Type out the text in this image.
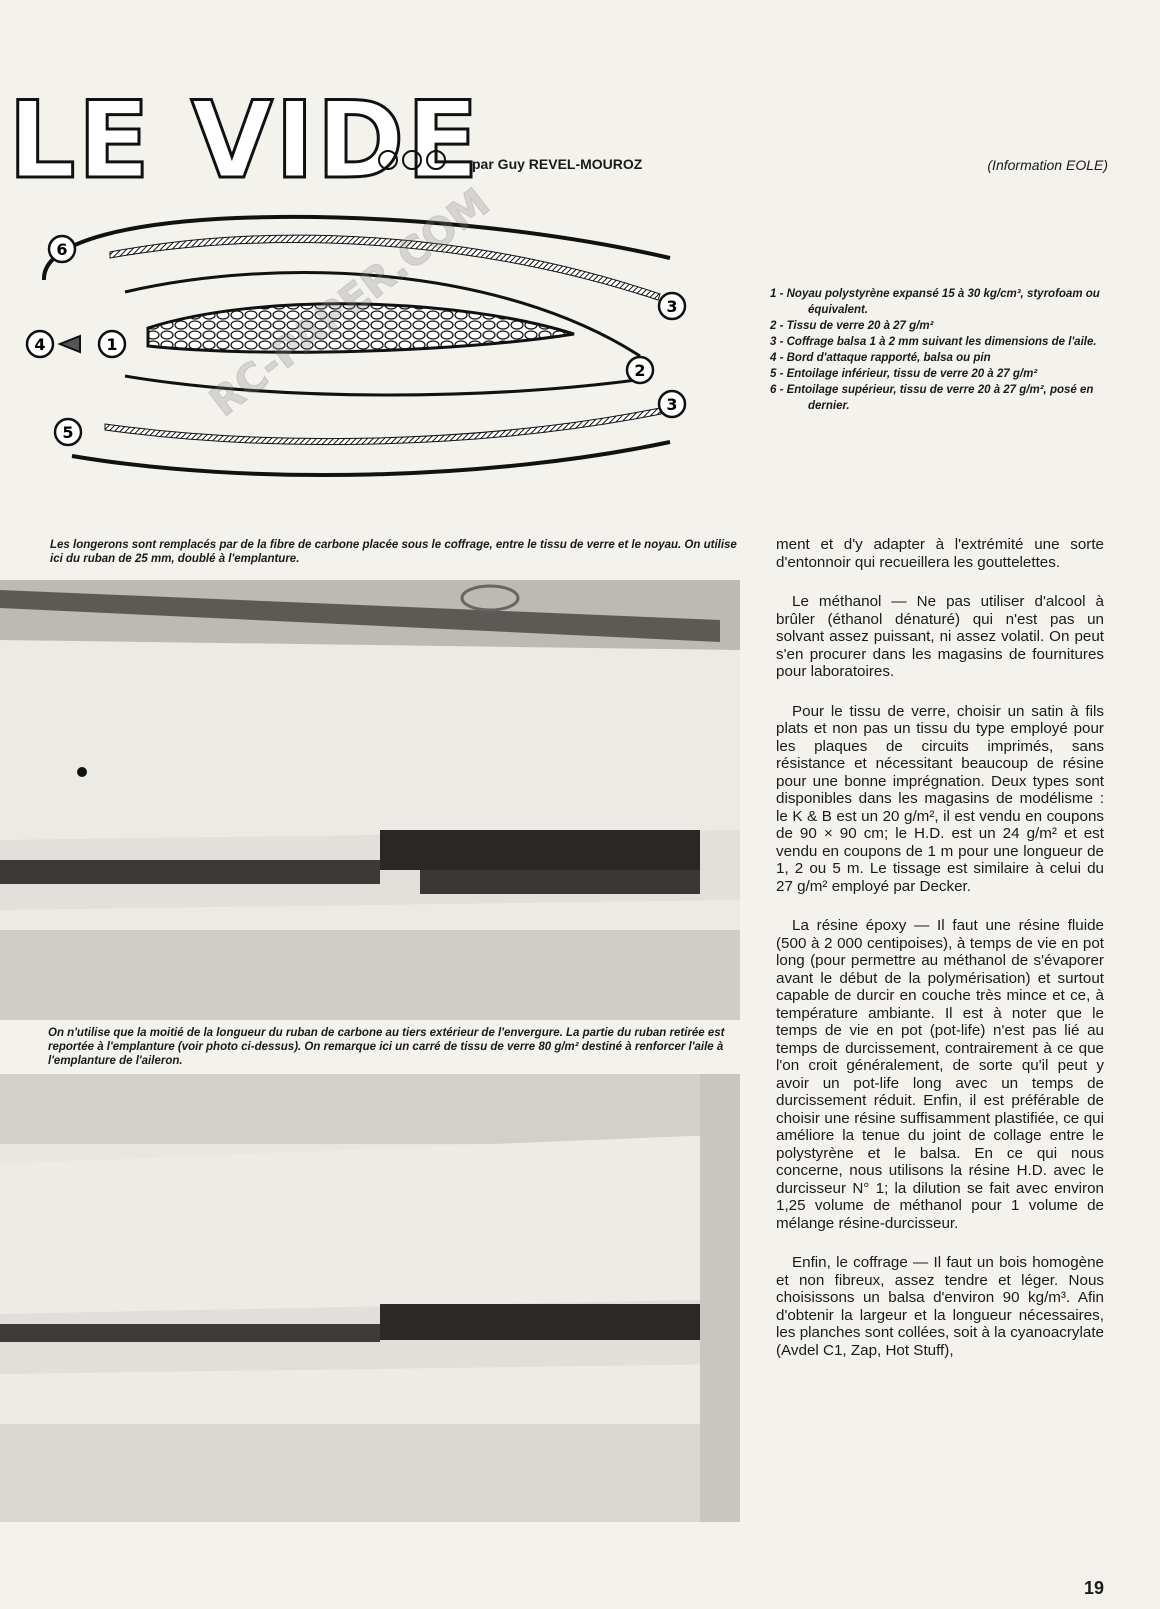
LE VIDE
par Guy REVEL-MOUROZ	(Information EOLE)
6
4	1
3
2
3
5
RC-PAPER.COM	1 - Noyau polystyrène expansé 15 à 30 kg/cm³, styrofoam ou équivalent.
2 - Tissu de verre 20 à 27 g/m²
3 - Coffrage balsa 1 à 2 mm suivant les dimensions de l'aile.
4 - Bord d'attaque rapporté, balsa ou pin
5 - Entoilage inférieur, tissu de verre 20 à 27 g/m²
6 - Entoilage supérieur, tissu de verre 20 à 27 g/m², posé en dernier.
Les longerons sont remplacés par de la fibre de carbone placée sous le coffrage, entre le tissu de verre et le noyau. On utilise ici du ruban de 25 mm, doublé à l'emplanture.
On n'utilise que la moitié de la longueur du ruban de carbone au tiers extérieur de l'envergure. La partie du ruban retirée est reportée à l'emplanture (voir photo ci-dessus). On remarque ici un carré de tissu de verre 80 g/m² destiné à renforcer l'aile à l'emplanture de l'aileron.

ment et d'y adapter à l'extrémité une sorte d'entonnoir qui recueillera les gouttelettes.

Le méthanol — Ne pas utiliser d'alcool à brûler (éthanol dénaturé) qui n'est pas un solvant assez puissant, ni assez volatil. On peut s'en procurer dans les magasins de fournitures pour laboratoires.

Pour le tissu de verre, choisir un satin à fils plats et non pas un tissu du type employé pour les plaques de circuits imprimés, sans résistance et nécessitant beaucoup de résine pour une bonne imprégnation. Deux types sont disponibles dans les magasins de modélisme : le K & B est un 20 g/m², il est vendu en coupons de 90 × 90 cm; le H.D. est un 24 g/m² et est vendu en coupons de 1 m pour une longueur de 1, 2 ou 5 m. Le tissage est similaire à celui du 27 g/m² employé par Decker.

La résine époxy — Il faut une résine fluide (500 à 2 000 centipoises), à temps de vie en pot long (pour permettre au méthanol de s'évaporer avant le début de la polymérisation) et surtout capable de durcir en couche très mince et ce, à température ambiante. Il est à noter que le temps de vie en pot (pot-life) n'est pas lié au temps de durcissement, contrairement à ce que l'on croit généralement, de sorte qu'il peut y avoir un pot-life long avec un temps de durcissement réduit. Enfin, il est préférable de choisir une résine suffisamment plastifiée, ce qui améliore la tenue du joint de collage entre le polystyrène et le balsa. En ce qui nous concerne, nous utilisons la résine H.D. avec le durcisseur N° 1; la dilution se fait avec environ 1,25 volume de méthanol pour 1 volume de mélange résine-durcisseur.

Enfin, le coffrage — Il faut un bois homogène et non fibreux, assez tendre et léger. Nous choisissons un balsa d'environ 90 kg/m³. Afin d'obtenir la largeur et la longueur nécessaires, les planches sont collées, soit à la cyanoacrylate (Avdel C1, Zap, Hot Stuff),

19
